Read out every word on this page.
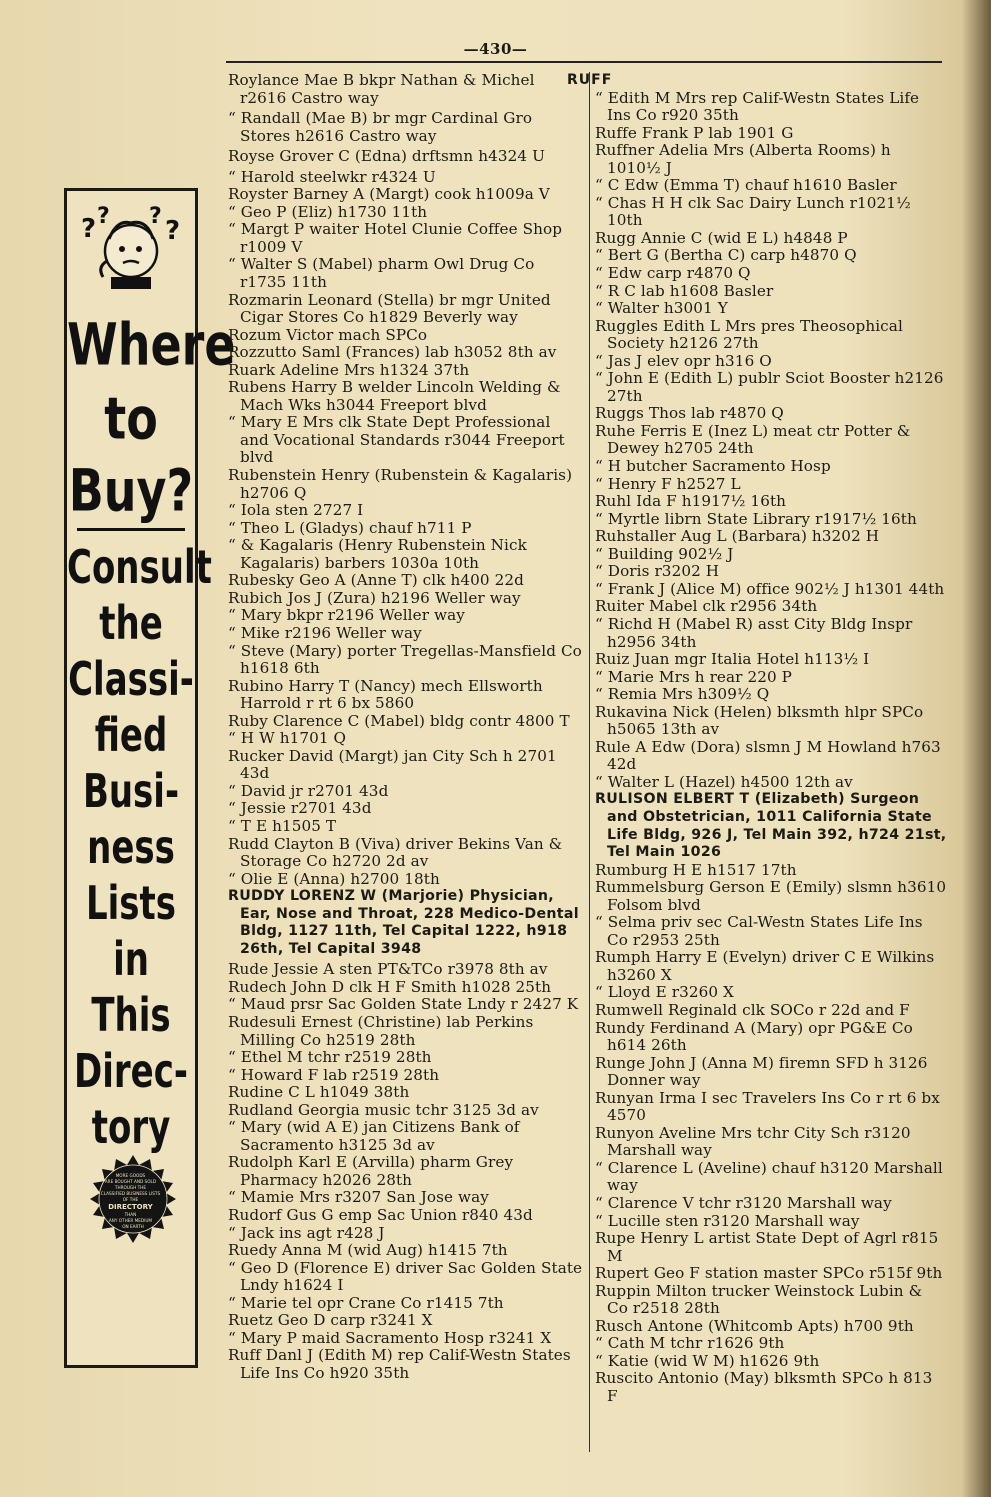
—430—
? ? ? ?
Where
to
Buy?
Consult
the
Classi-
fied
Busi-
ness
Lists
in
This
Direc-
tory
MORE GOODS ARE BOUGHT AND SOLD THROUGH THE CLASSIFIED BUSINESS LISTS OF THE DIRECTORY THAN ANY OTHER MEDIUM ON EARTH
Roylance Mae B bkpr Nathan & Michel r2616 Castro way
“ Randall (Mae B) br mgr Cardinal Gro Stores h2616 Castro way
Royse Grover C (Edna) drftsmn h4324 U
“ Harold steelwkr r4324 U
Royster Barney A (Margt) cook h1009a V
“ Geo P (Eliz) h1730 11th
“ Margt P waiter Hotel Clunie Coffee Shop r1009 V
“ Walter S (Mabel) pharm Owl Drug Co r1735 11th
Rozmarin Leonard (Stella) br mgr United Cigar Stores Co h1829 Beverly way
Rozum Victor mach SPCo
Rozzutto Saml (Frances) lab h3052 8th av
Ruark Adeline Mrs h1324 37th
Rubens Harry B welder Lincoln Welding & Mach Wks h3044 Freeport blvd
“ Mary E Mrs clk State Dept Professional and Vocational Standards r3044 Freeport blvd
Rubenstein Henry (Rubenstein & Kagalaris) h2706 Q
“ Iola sten 2727 I
“ Theo L (Gladys) chauf h711 P
“ & Kagalaris (Henry Rubenstein Nick Kagalaris) barbers 1030a 10th
Rubesky Geo A (Anne T) clk h400 22d
Rubich Jos J (Zura) h2196 Weller way
“ Mary bkpr r2196 Weller way
“ Mike r2196 Weller way
“ Steve (Mary) porter Tregellas-Mansfield Co h1618 6th
Rubino Harry T (Nancy) mech Ellsworth Harrold r rt 6 bx 5860
Ruby Clarence C (Mabel) bldg contr 4800 T
“ H W h1701 Q
Rucker David (Margt) jan City Sch h 2701 43d
“ David jr r2701 43d
“ Jessie r2701 43d
“ T E h1505 T
Rudd Clayton B (Viva) driver Bekins Van & Storage Co h2720 2d av
“ Olie E (Anna) h2700 18th
RUDDY LORENZ W (Marjorie) Physician, Ear, Nose and Throat, 228 Medico-Dental Bldg, 1127 11th, Tel Capital 1222, h918 26th, Tel Capital 3948
Rude Jessie A sten PT&TCo r3978 8th av
Rudech John D clk H F Smith h1028 25th
“ Maud prsr Sac Golden State Lndy r 2427 K
Rudesuli Ernest (Christine) lab Perkins Milling Co h2519 28th
“ Ethel M tchr r2519 28th
“ Howard F lab r2519 28th
Rudine C L h1049 38th
Rudland Georgia music tchr 3125 3d av
“ Mary (wid A E) jan Citizens Bank of Sacramento h3125 3d av
Rudolph Karl E (Arvilla) pharm Grey Pharmacy h2026 28th
“ Mamie Mrs r3207 San Jose way
Rudorf Gus G emp Sac Union r840 43d
“ Jack ins agt r428 J
Ruedy Anna M (wid Aug) h1415 7th
“ Geo D (Florence E) driver Sac Golden State Lndy h1624 I
“ Marie tel opr Crane Co r1415 7th
Ruetz Geo D carp r3241 X
“ Mary P maid Sacramento Hosp r3241 X
Ruff Danl J (Edith M) rep Calif-Westn States Life Ins Co h920 35th
RUFF
“ Edith M Mrs rep Calif-Westn States Life Ins Co r920 35th
Ruffe Frank P lab 1901 G
Ruffner Adelia Mrs (Alberta Rooms) h 1010½ J
“ C Edw (Emma T) chauf h1610 Basler
“ Chas H H clk Sac Dairy Lunch r1021½ 10th
Rugg Annie C (wid E L) h4848 P
“ Bert G (Bertha C) carp h4870 Q
“ Edw carp r4870 Q
“ R C lab h1608 Basler
“ Walter h3001 Y
Ruggles Edith L Mrs pres Theosophical Society h2126 27th
“ Jas J elev opr h316 O
“ John E (Edith L) publr Sciot Booster h2126 27th
Ruggs Thos lab r4870 Q
Ruhe Ferris E (Inez L) meat ctr Potter & Dewey h2705 24th
“ H butcher Sacramento Hosp
“ Henry F h2527 L
Ruhl Ida F h1917½ 16th
“ Myrtle librn State Library r1917½ 16th
Ruhstaller Aug L (Barbara) h3202 H
“ Building 902½ J
“ Doris r3202 H
“ Frank J (Alice M) office 902½ J h1301 44th
Ruiter Mabel clk r2956 34th
“ Richd H (Mabel R) asst City Bldg Inspr h2956 34th
Ruiz Juan mgr Italia Hotel h113½ I
“ Marie Mrs h rear 220 P
“ Remia Mrs h309½ Q
Rukavina Nick (Helen) blksmth hlpr SPCo h5065 13th av
Rule A Edw (Dora) slsmn J M Howland h763 42d
“ Walter L (Hazel) h4500 12th av
RULISON ELBERT T (Elizabeth) Surgeon and Obstetrician, 1011 California State Life Bldg, 926 J, Tel Main 392, h724 21st, Tel Main 1026
Rumburg H E h1517 17th
Rummelsburg Gerson E (Emily) slsmn h3610 Folsom blvd
“ Selma priv sec Cal-Westn States Life Ins Co r2953 25th
Rumph Harry E (Evelyn) driver C E Wilkins h3260 X
“ Lloyd E r3260 X
Rumwell Reginald clk SOCo r 22d and F
Rundy Ferdinand A (Mary) opr PG&E Co h614 26th
Runge John J (Anna M) firemn SFD h 3126 Donner way
Runyan Irma I sec Travelers Ins Co r rt 6 bx 4570
Runyon Aveline Mrs tchr City Sch r3120 Marshall way
“ Clarence L (Aveline) chauf h3120 Marshall way
“ Clarence V tchr r3120 Marshall way
“ Lucille sten r3120 Marshall way
Rupe Henry L artist State Dept of Agrl r815 M
Rupert Geo F station master SPCo r515f 9th
Ruppin Milton trucker Weinstock Lubin & Co r2518 28th
Rusch Antone (Whitcomb Apts) h700 9th
“ Cath M tchr r1626 9th
“ Katie (wid W M) h1626 9th
Ruscito Antonio (May) blksmth SPCo h 813 F
